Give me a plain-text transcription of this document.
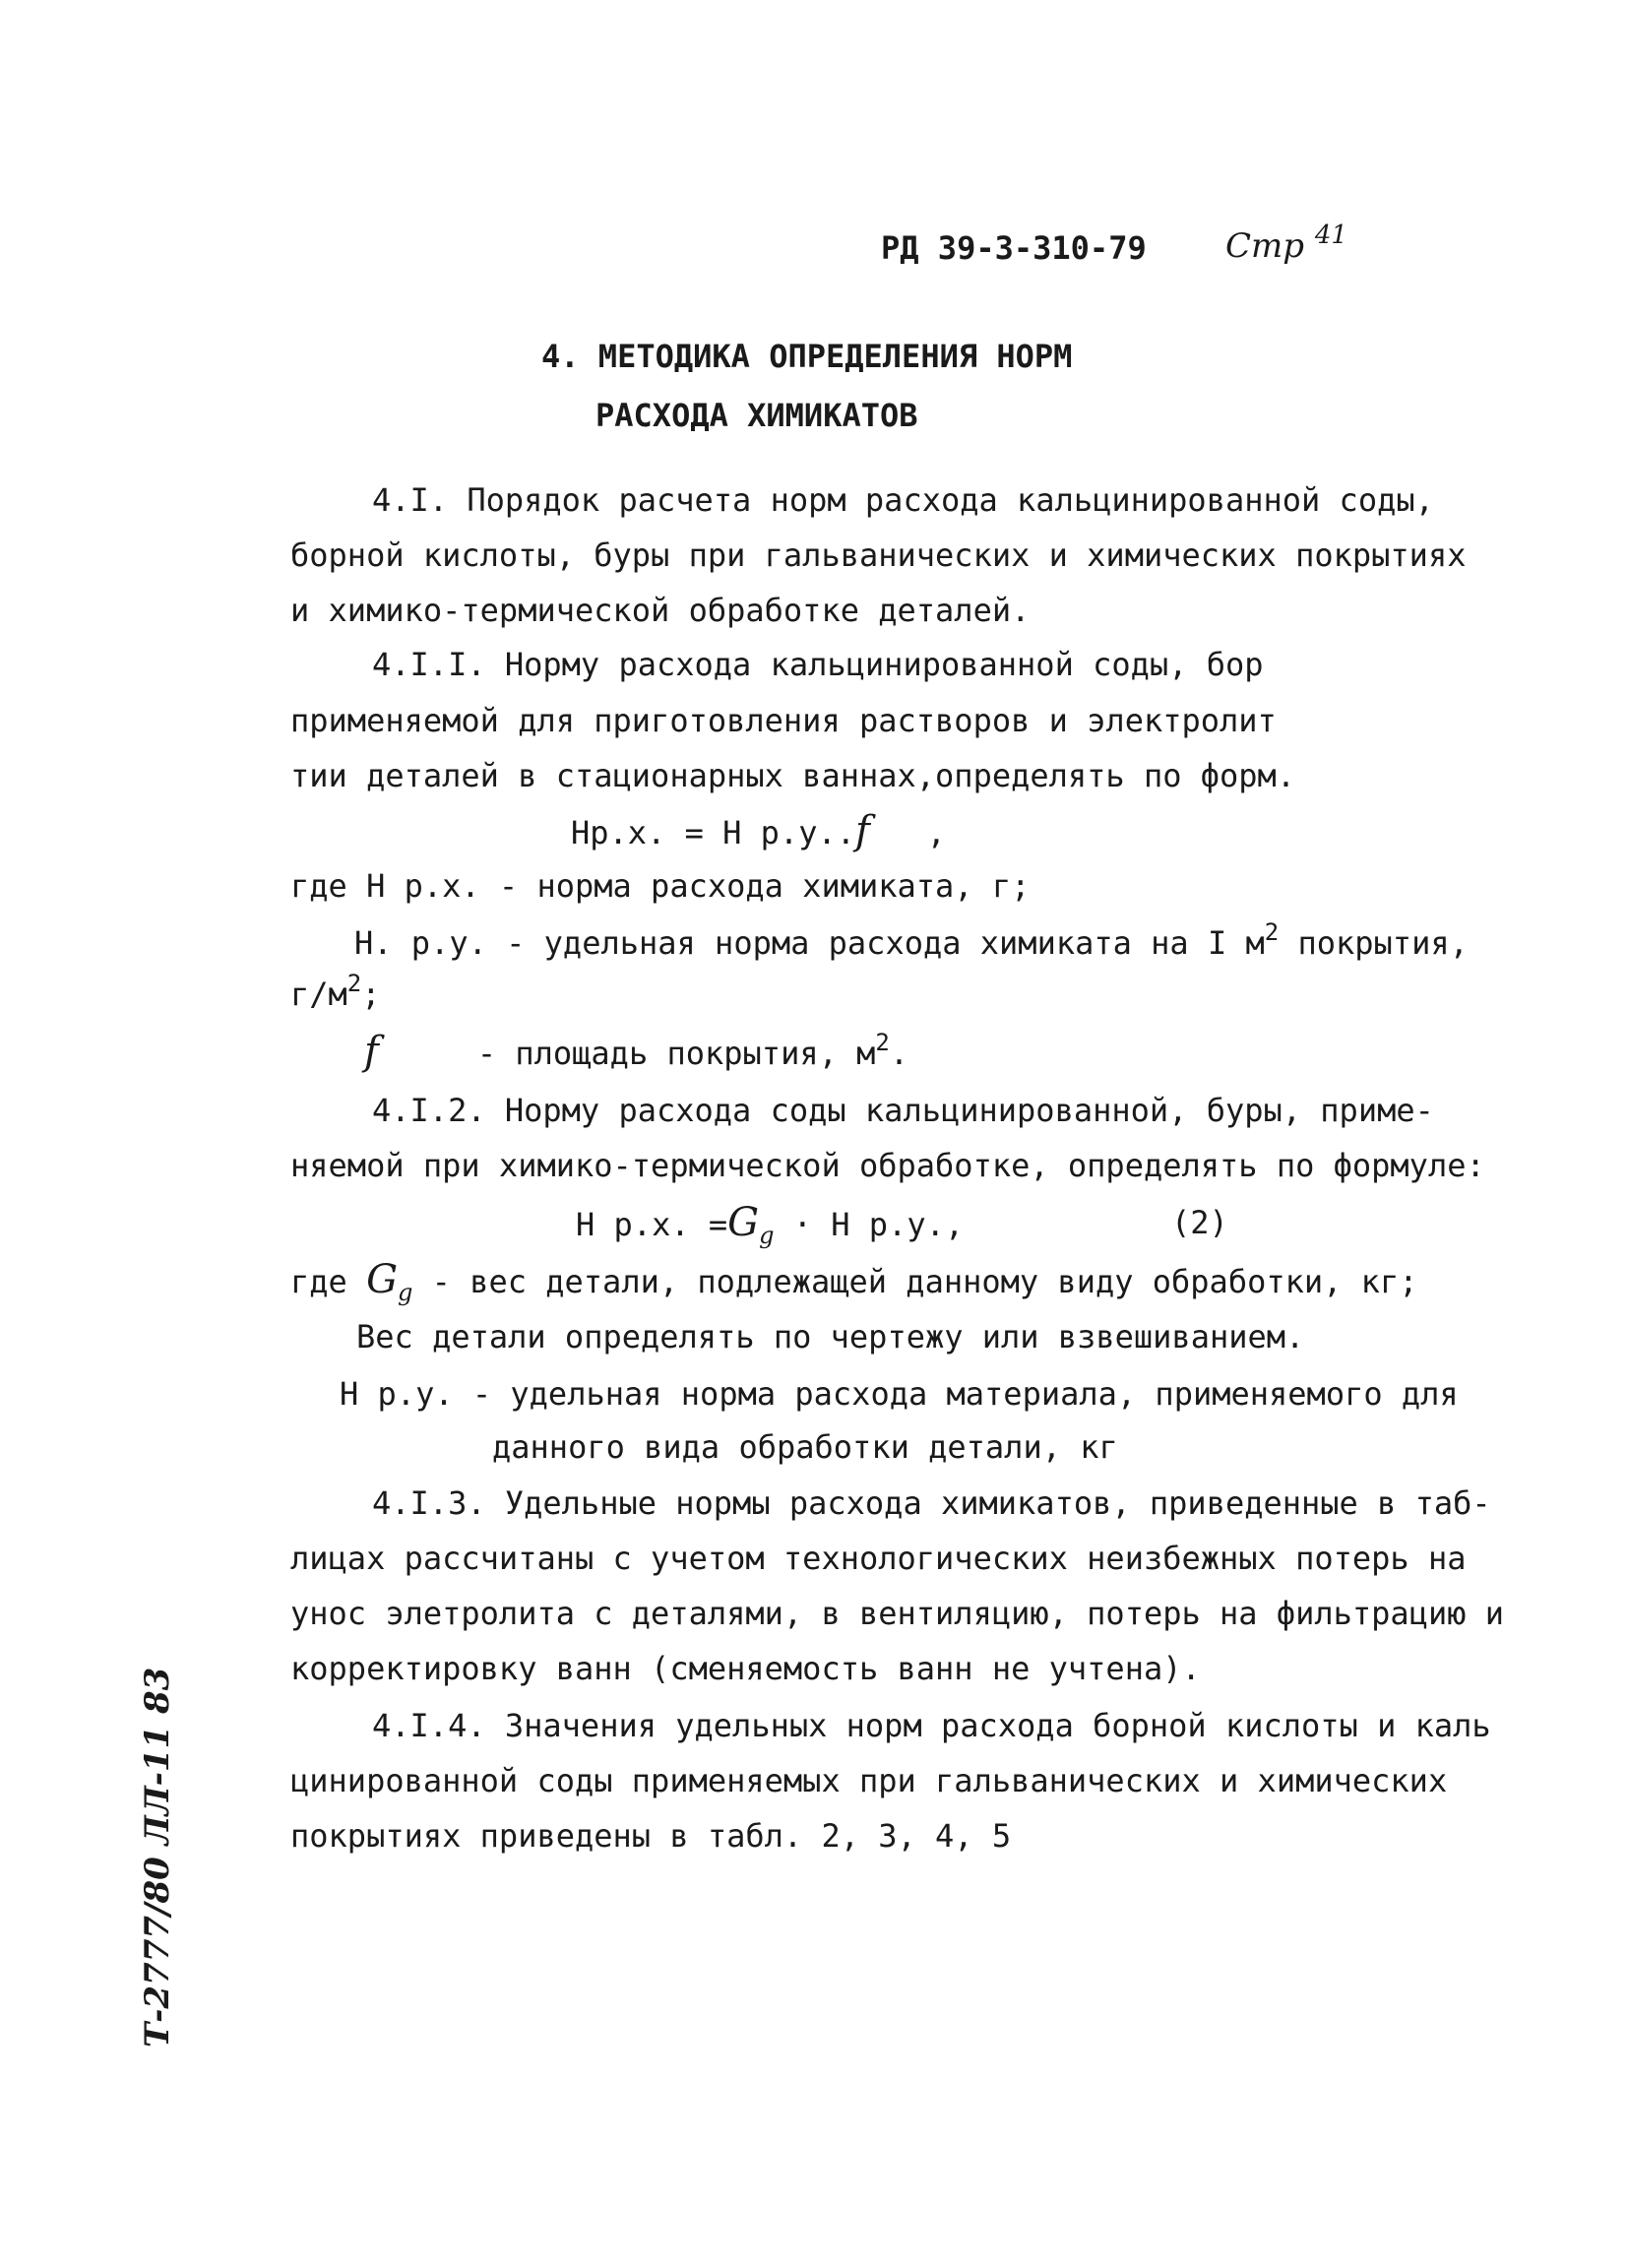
РД 39-3-310-79 Стр $^{41}$
4. МЕТОДИКА ОПРЕДЕЛЕНИЯ НОРМ
РАСХОДА ХИМИКАТОВ
4.I. Порядок расчета норм расхода кальцинированной соды,
борной кислоты, буры при гальванических и химических покрытиях
и химико-термической обработке деталей.
4.I.I. Норму расхода кальцинированной соды, бор
применяемой для приготовления растворов и электролит
тии деталей в стационарных ваннах,определять по форм.
Нр.х. = Н р.у..f ,
где Н р.х. - норма расхода химиката, г;
Н. р.у. - удельная норма расхода химиката на I $м^2$ покрытия,
$г/м^2$;
f	- площадь покрытия, $м^2$.
4.I.2. Норму расхода соды кальцинированной, буры, приме-
няемой при химико-термической обработке, определять по формуле:
Н р.х. $=G_g \cdot Н$ р.у.,	(2)
где $G_g$ - вес детали, подлежащей данному виду обработки, кг;
Вес детали определять по чертежу или взвешиванием.
Н р.у. - удельная норма расхода материала, применяемого для
данного вида обработки детали, кг
4.I.3. Удельные нормы расхода химикатов, приведенные в таб-
лицах рассчитаны с учетом технологических неизбежных потерь на
унос элетролита с деталями, в вентиляцию, потерь на фильтрацию и
корректировку ванн (сменяемость ванн не учтена).
4.I.4. Значения удельных норм расхода борной кислоты и каль
цинированной соды применяемых при гальванических и химических
покрытиях приведены в табл. 2, 3, 4, 5
Т-2777/80 ЛЛ-11 83
